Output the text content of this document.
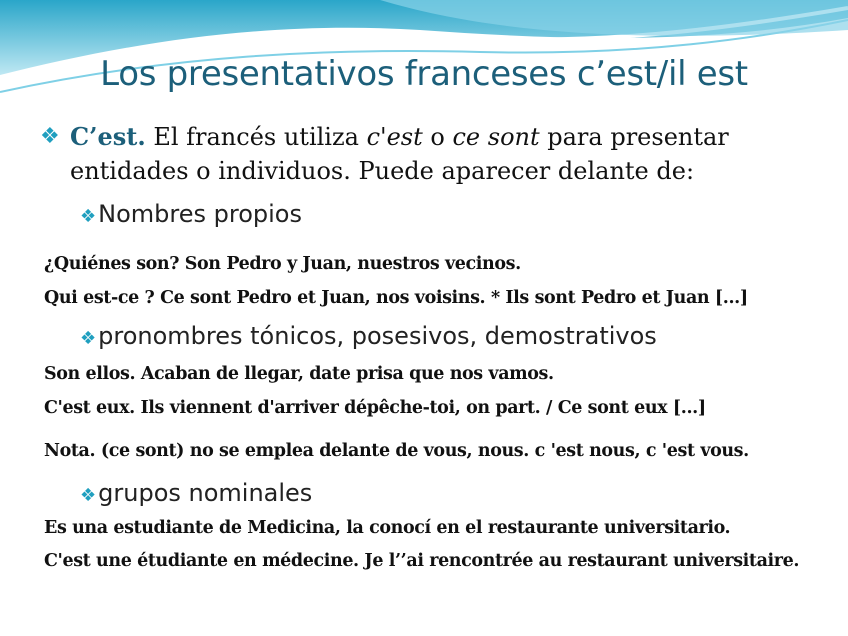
Los presentativos franceses c’est/il est
❖ C’est. El francés utiliza c'est o ce sont para presentar entidades o individuos. Puede aparecer delante de:
❖Nombres propios
¿Quiénes son? Son Pedro y Juan, nuestros vecinos.
Qui est-ce ? Ce sont Pedro et Juan, nos voisins. * Ils sont Pedro et Juan [...]
❖pronombres tónicos, posesivos, demostrativos
Son ellos. Acaban de llegar, date prisa que nos vamos.
C'est eux. Ils viennent d'arriver dépêche-toi, on part. / Ce sont eux [...]
Nota. (ce sont) no se emplea delante de vous, nous. c 'est nous, c 'est vous.
❖grupos nominales
Es una estudiante de Medicina, la conocí en el restaurante universitario.
C'est une étudiante en médecine. Je l’’ai rencontrée au restaurant universitaire.
